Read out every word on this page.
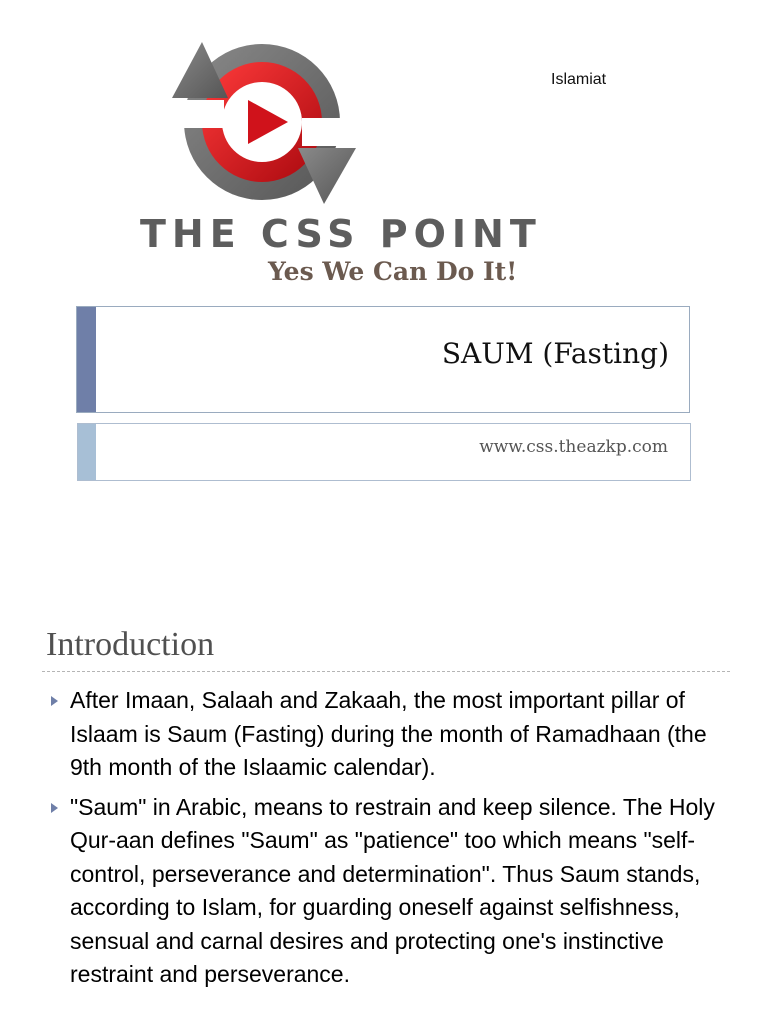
THE CSS POINT
Yes We Can Do It!
Islamiat
SAUM (Fasting)
www.css.theazkp.com
Introduction
After Imaan, Salaah and Zakaah, the most important pillar of Islaam is Saum (Fasting) during the month of Ramadhaan (the 9th month of the Islaamic calendar).
"Saum" in Arabic, means to restrain and keep silence. The Holy Qur-aan defines "Saum" as "patience" too which means "self-control, perseverance and determination". Thus Saum stands, according to Islam, for guarding oneself against selfishness, sensual and carnal desires and protecting one's instinctive restraint and perseverance.
